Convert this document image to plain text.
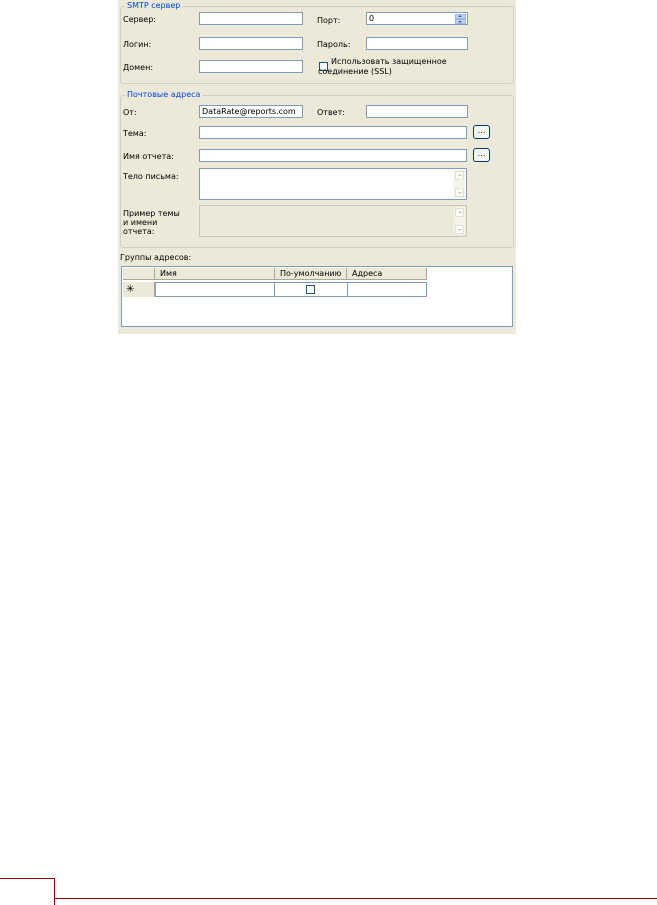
SMTP сервер
Сервер:	Порт:	0
Логин:	Пароль:
Домен:
Использовать защищенное
соединение (SSL)
Почтовые адреса
От:	DataRate@reports.com	Ответ:
Тема:	...
Имя отчета:	...
Тело письма:
Пример темы
и имени
отчета:
Группы адресов:
Имя	По-умолчанию	Адреса
✳
